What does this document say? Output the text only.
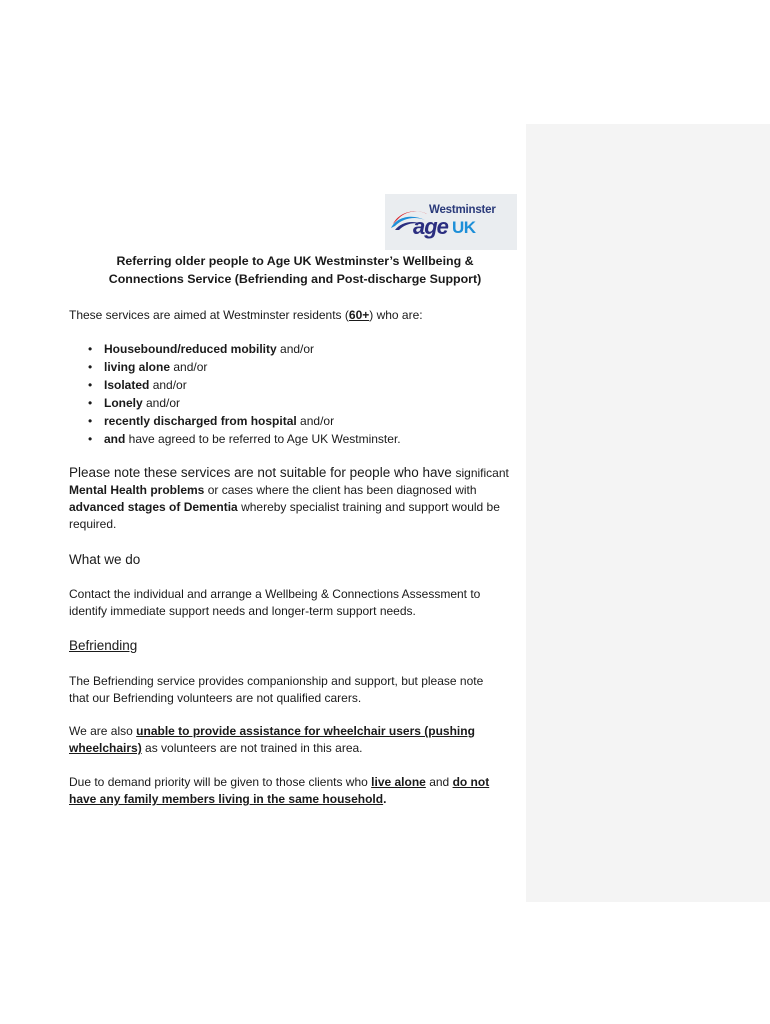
Westminster
age UK
Referring older people to Age UK Westminster’s Wellbeing &
Connections Service (Befriending and Post-discharge Support)
These services are aimed at Westminster residents (60+) who are:
• Housebound/reduced mobility and/or
• living alone and/or
• Isolated and/or
• Lonely and/or
• recently discharged from hospital and/or
• and have agreed to be referred to Age UK Westminster.
Please note these services are not suitable for people who have significant
Mental Health problems or cases where the client has been diagnosed with
advanced stages of Dementia whereby specialist training and support would be
required.
What we do
Contact the individual and arrange a Wellbeing & Connections Assessment to
identify immediate support needs and longer-term support needs.
Befriending
The Befriending service provides companionship and support, but please note
that our Befriending volunteers are not qualified carers.
We are also unable to provide assistance for wheelchair users (pushing
wheelchairs) as volunteers are not trained in this area.
Due to demand priority will be given to those clients who live alone and do not
have any family members living in the same household.
